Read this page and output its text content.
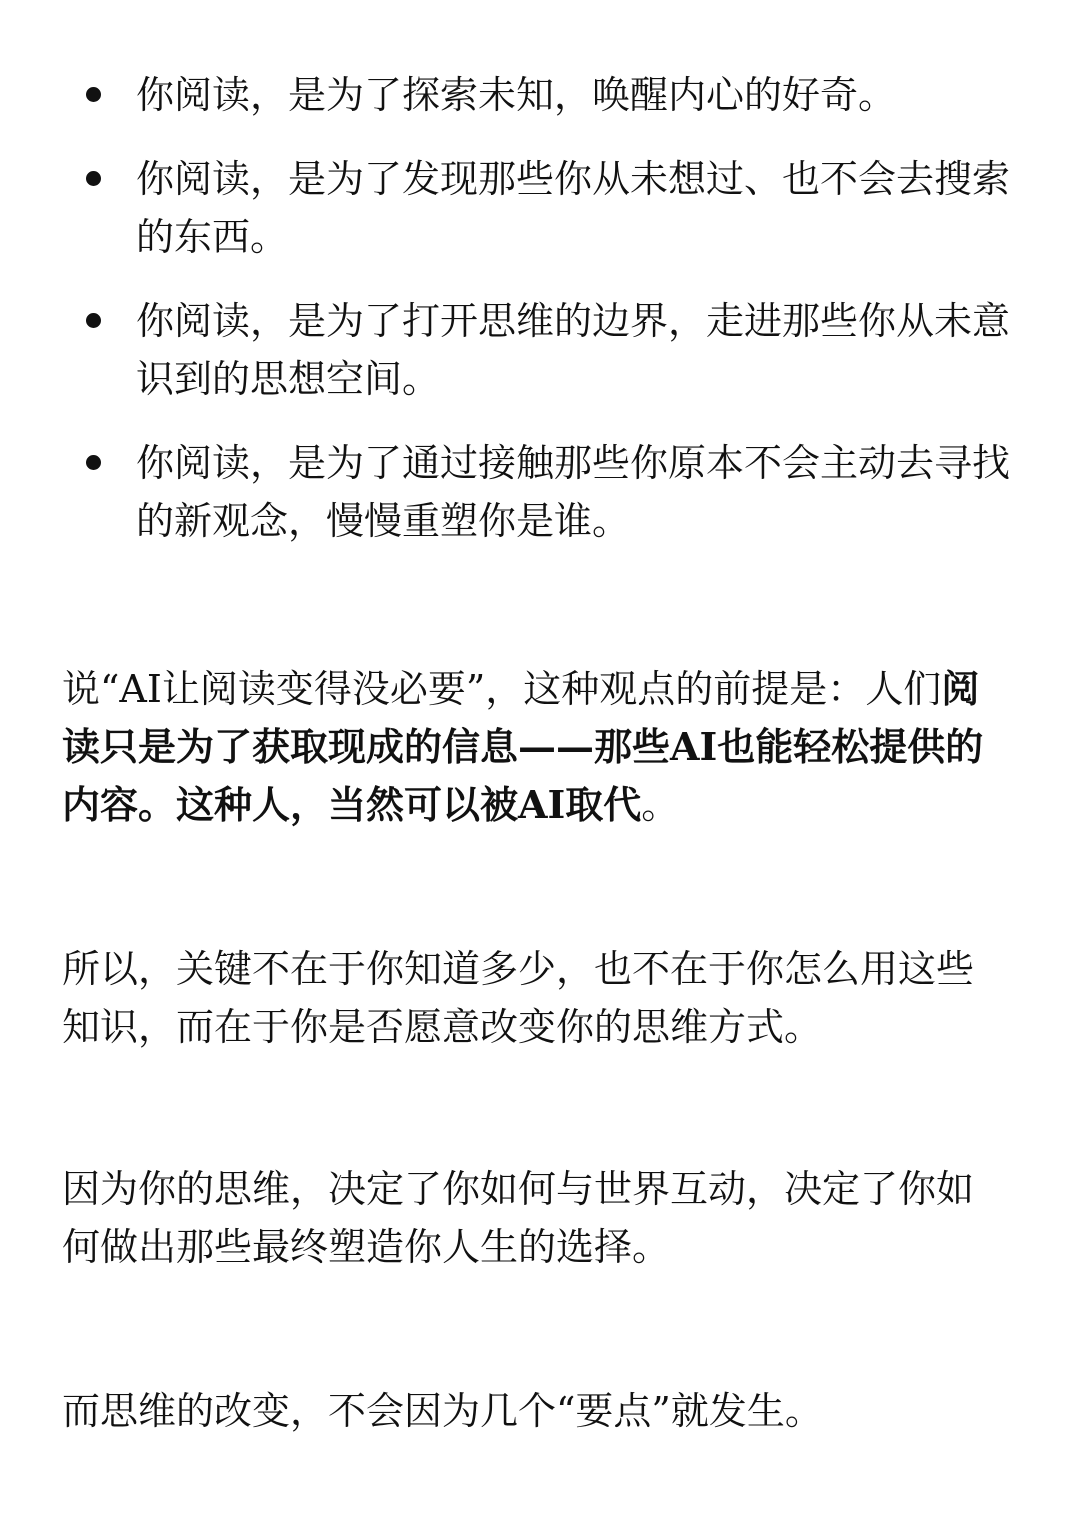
你阅读，是为了探索未知，唤醒内心的好奇。
你阅读，是为了发现那些你从未想过、也不会去搜索的东西。
你阅读，是为了打开思维的边界，走进那些你从未意识到的思想空间。
你阅读，是为了通过接触那些你原本不会主动去寻找的新观念，慢慢重塑你是谁。

说“AI让阅读变得没必要”，这种观点的前提是：人们阅读只是为了获取现成的信息——那些AI也能轻松提供的内容。这种人，当然可以被AI取代。

所以，关键不在于你知道多少，也不在于你怎么用这些知识，而在于你是否愿意改变你的思维方式。

因为你的思维，决定了你如何与世界互动，决定了你如何做出那些最终塑造你人生的选择。

而思维的改变，不会因为几个“要点”就发生。
